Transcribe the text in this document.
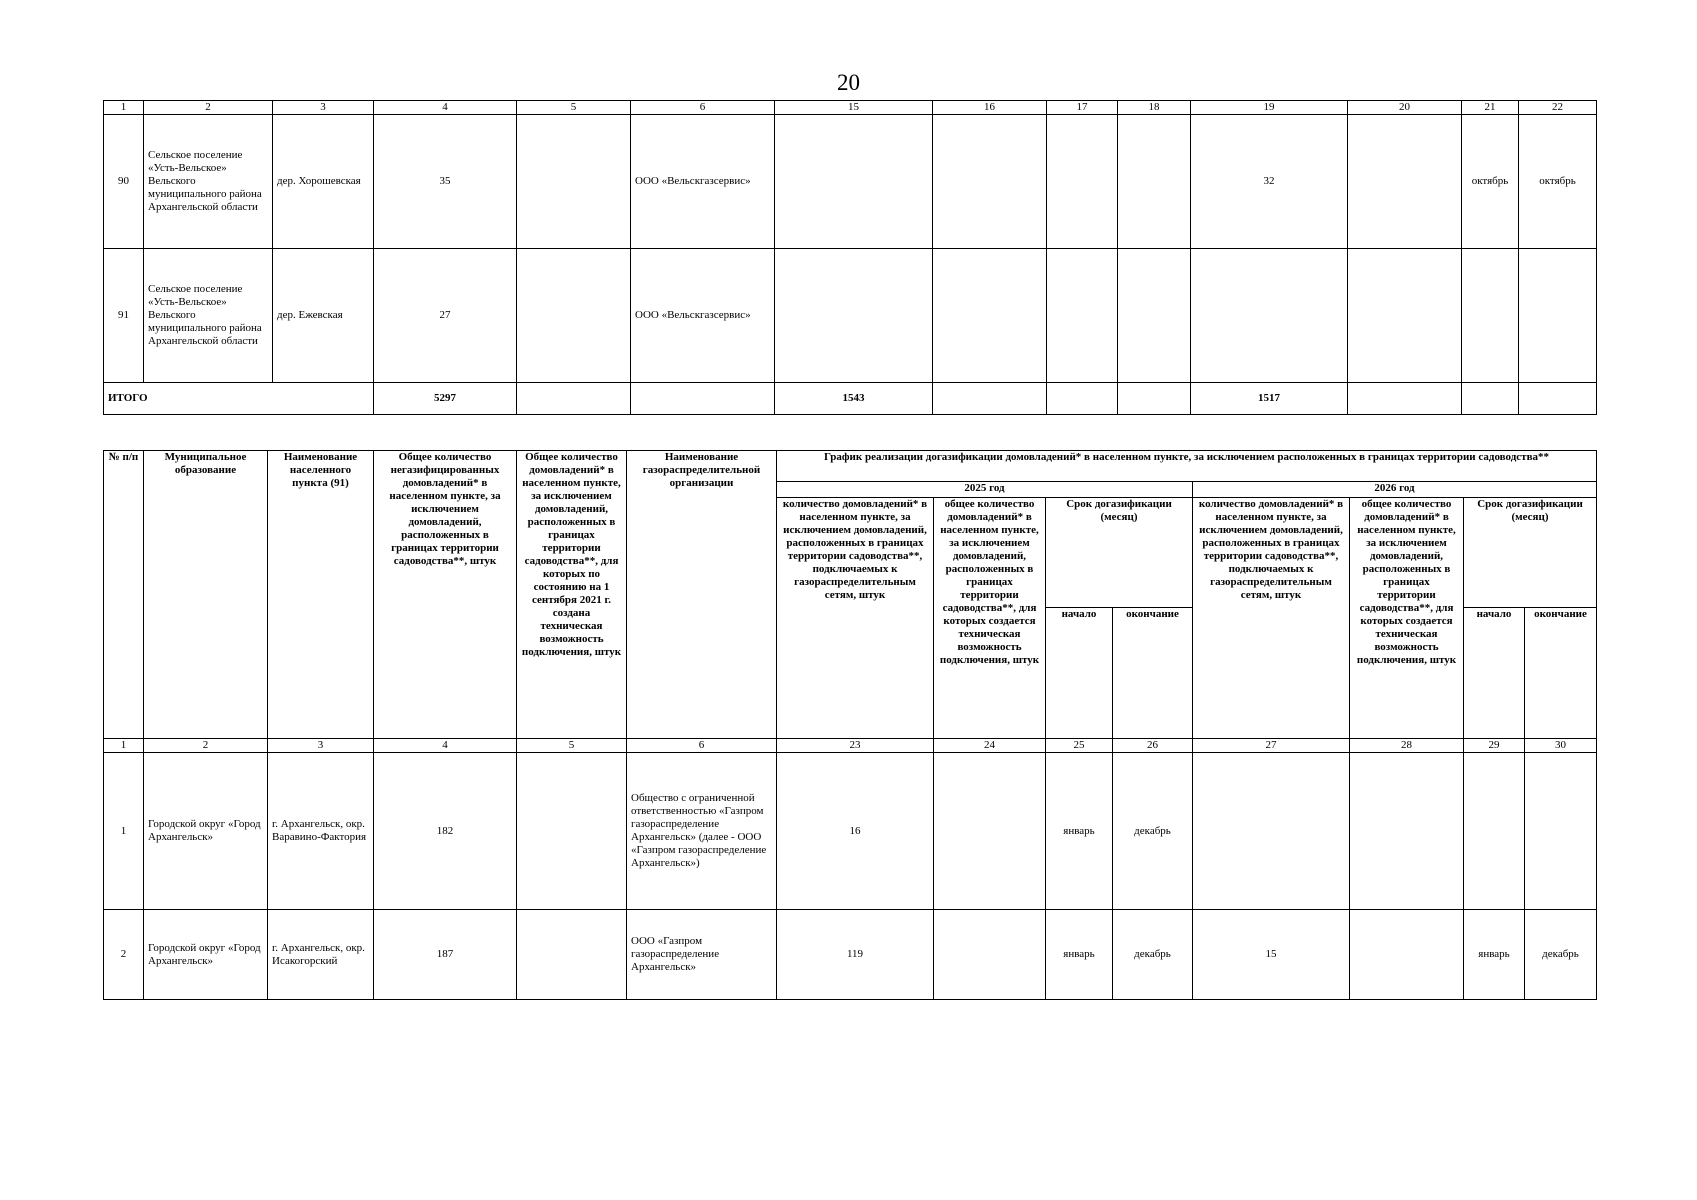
20
1	2	3	4	5	6	15	16	17	18	19	20	21	22
90	Сельское поселение «Усть-Вельское» Вельского муниципального района Архангельской области	дер. Хорошевская	35		ООО «Вельскгазсервис»					32		октябрь	октябрь
91	Сельское поселение «Усть-Вельское» Вельского муниципального района Архангельской области	дер. Ежевская	27		ООО «Вельскгазсервис»								
ИТОГО			5297			1543				1517			
№ п/п	Муниципальное образование	Наименование населенного пункта (91)	Общее количество негазифицированных домовладений* в населенном пункте, за исключением домовладений, расположенных в границах территории садоводства**, штук	Общее количество домовладений* в населенном пункте, за исключением домовладений, расположенных в границах территории садоводства**, для которых по состоянию на 1 сентября 2021 г. создана техническая возможность подключения, штук	Наименование газораспределительной организации	График реализации догазификации домовладений* в населенном пункте, за исключением расположенных в границах территории садоводства**							
						2025 год				2026 год			
						количество домовладений* в населенном пункте, за исключением домовладений, расположенных в границах территории садоводства**, подключаемых к газораспределительным сетям, штук	общее количество домовладений* в населенном пункте, за исключением домовладений, расположенных в границах территории садоводства**, для которых создается техническая возможность подключения, штук	Срок догазификации (месяц)		количество домовладений* в населенном пункте, за исключением домовладений, расположенных в границах территории садоводства**, подключаемых к газораспределительным сетям, штук	общее количество домовладений* в населенном пункте, за исключением домовладений, расположенных в границах территории садоводства**, для которых создается техническая возможность подключения, штук	Срок догазификации (месяц)	
								начало	окончание			начало	окончание
1	2	3	4	5	6	23	24	25	26	27	28	29	30
1	Городской округ «Город Архангельск»	г. Архангельск, окр. Варавино-Фактория	182		Общество с ограниченной ответственностью «Газпром газораспределение Архангельск» (далее - ООО «Газпром газораспределение Архангельск»)	16		январь	декабрь				
2	Городской округ «Город Архангельск»	г. Архангельск, окр. Исакогорский	187		ООО «Газпром газораспределение Архангельск»	119		январь	декабрь	15		январь	декабрь
